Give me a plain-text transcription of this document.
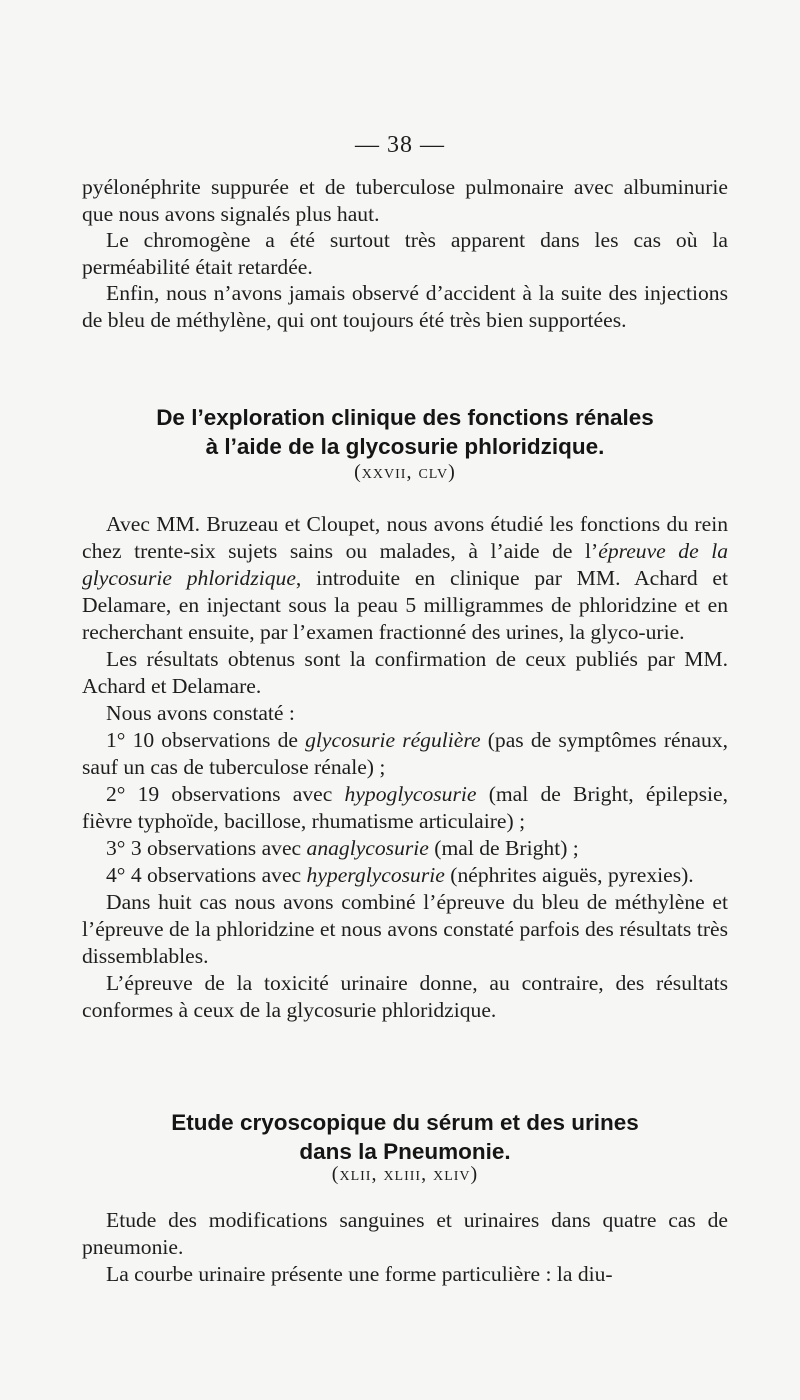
— 38 —

pyélonéphrite suppurée et de tuberculose pulmonaire avec albuminurie que nous avons signalés plus haut.

Le chromogène a été surtout très apparent dans les cas où la perméabilité était retardée.

Enfin, nous n’avons jamais observé d’accident à la suite des injections de bleu de méthylène, qui ont toujours été très bien supportées.

De l’exploration clinique des fonctions rénales
à l’aide de la glycosurie phloridzique.
(xxvii, clv)

Avec MM. Bruzeau et Cloupet, nous avons étudié les fonctions du rein chez trente-six sujets sains ou malades, à l’aide de l’épreuve de la glycosurie phloridzique, introduite en clinique par MM. Achard et Delamare, en injectant sous la peau 5 milligrammes de phloridzine et en recherchant ensuite, par l’examen fractionné des urines, la glyco-urie.

Les résultats obtenus sont la confirmation de ceux publiés par MM. Achard et Delamare.

Nous avons constaté :

1° 10 observations de glycosurie régulière (pas de symptômes rénaux, sauf un cas de tuberculose rénale) ;

2° 19 observations avec hypoglycosurie (mal de Bright, épilepsie, fièvre typhoïde, bacillose, rhumatisme articulaire) ;

3° 3 observations avec anaglycosurie (mal de Bright) ;

4° 4 observations avec hyperglycosurie (néphrites aiguës, pyrexies).

Dans huit cas nous avons combiné l’épreuve du bleu de méthylène et l’épreuve de la phloridzine et nous avons constaté parfois des résultats très dissemblables.

L’épreuve de la toxicité urinaire donne, au contraire, des résultats conformes à ceux de la glycosurie phloridzique.

Etude cryoscopique du sérum et des urines
dans la Pneumonie.
(xlii, xliii, xliv)

Etude des modifications sanguines et urinaires dans quatre cas de pneumonie.

La courbe urinaire présente une forme particulière : la diu-
